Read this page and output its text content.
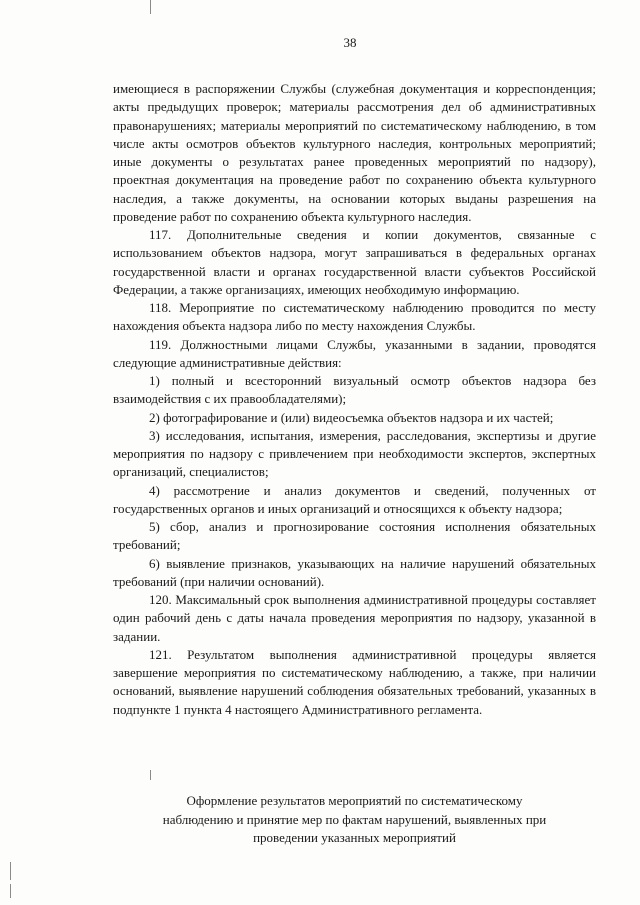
38

имеющиеся в распоряжении Службы (служебная документация и корреспонденция; акты предыдущих проверок; материалы рассмотрения дел об административных правонарушениях; материалы мероприятий по систематическому наблюдению, в том числе акты осмотров объектов культурного наследия, контрольных мероприятий; иные документы о результатах ранее проведенных мероприятий по надзору), проектная документация на проведение работ по сохранению объекта культурного наследия, а также документы, на основании которых выданы разрешения на проведение работ по сохранению объекта культурного наследия.

117. Дополнительные сведения и копии документов, связанные с использованием объектов надзора, могут запрашиваться в федеральных органах государственной власти и органах государственной власти субъектов Российской Федерации, а также организациях, имеющих необходимую информацию.

118. Мероприятие по систематическому наблюдению проводится по месту нахождения объекта надзора либо по месту нахождения Службы.

119. Должностными лицами Службы, указанными в задании, проводятся следующие административные действия:

1) полный и всесторонний визуальный осмотр объектов надзора без взаимодействия с их правообладателями);

2) фотографирование и (или) видеосъемка объектов надзора и их частей;

3) исследования, испытания, измерения, расследования, экспертизы и другие мероприятия по надзору с привлечением при необходимости экспертов, экспертных организаций, специалистов;

4) рассмотрение и анализ документов и сведений, полученных от государственных органов и иных организаций и относящихся к объекту надзора;

5) сбор, анализ и прогнозирование состояния исполнения обязательных требований;

6) выявление признаков, указывающих на наличие нарушений обязательных требований (при наличии оснований).

120. Максимальный срок выполнения административной процедуры составляет один рабочий день с даты начала проведения мероприятия по надзору, указанной в задании.

121. Результатом выполнения административной процедуры является завершение мероприятия по систематическому наблюдению, а также, при наличии оснований, выявление нарушений соблюдения обязательных требований, указанных в подпункте 1 пункта 4 настоящего Административного регламента.

Оформление результатов мероприятий по систематическому
наблюдению и принятие мер по фактам нарушений, выявленных при
проведении указанных мероприятий
